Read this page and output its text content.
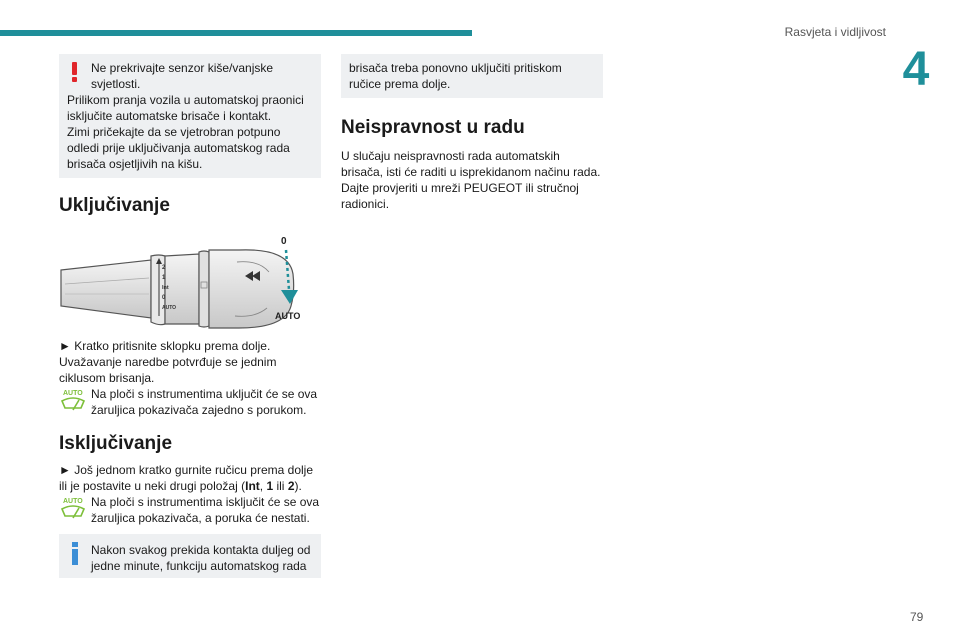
Rasvjeta i vidljivost
4
Ne prekrivajte senzor kiše/vanjske svjetlosti.
Prilikom pranja vozila u automatskoj praonici isključite automatske brisače i kontakt.
Zimi pričekajte da se vjetrobran potpuno odledi prije uključivanja automatskog rada brisača osjetljivih na kišu.
Uključivanje
2
1
Int
0
AUTO
0
AUTO
► Kratko pritisnite sklopku prema dolje.
Uvažavanje naredbe potvrđuje se jednim ciklusom brisanja.
AUTO Na ploči s instrumentima uključit će se ova žaruljica pokazivača zajedno s porukom.
Isključivanje
► Još jednom kratko gurnite ručicu prema dolje ili je postavite u neki drugi položaj (Int, 1 ili 2).
AUTO Na ploči s instrumentima isključit će se ova žaruljica pokazivača, a poruka će nestati.
Nakon svakog prekida kontakta duljeg od jedne minute, funkciju automatskog rada
brisača treba ponovno uključiti pritiskom ručice prema dolje.
Neispravnost u radu
U slučaju neispravnosti rada automatskih brisača, isti će raditi u isprekidanom načinu rada. Dajte provjeriti u mreži PEUGEOT ili stručnoj radionici.
79
